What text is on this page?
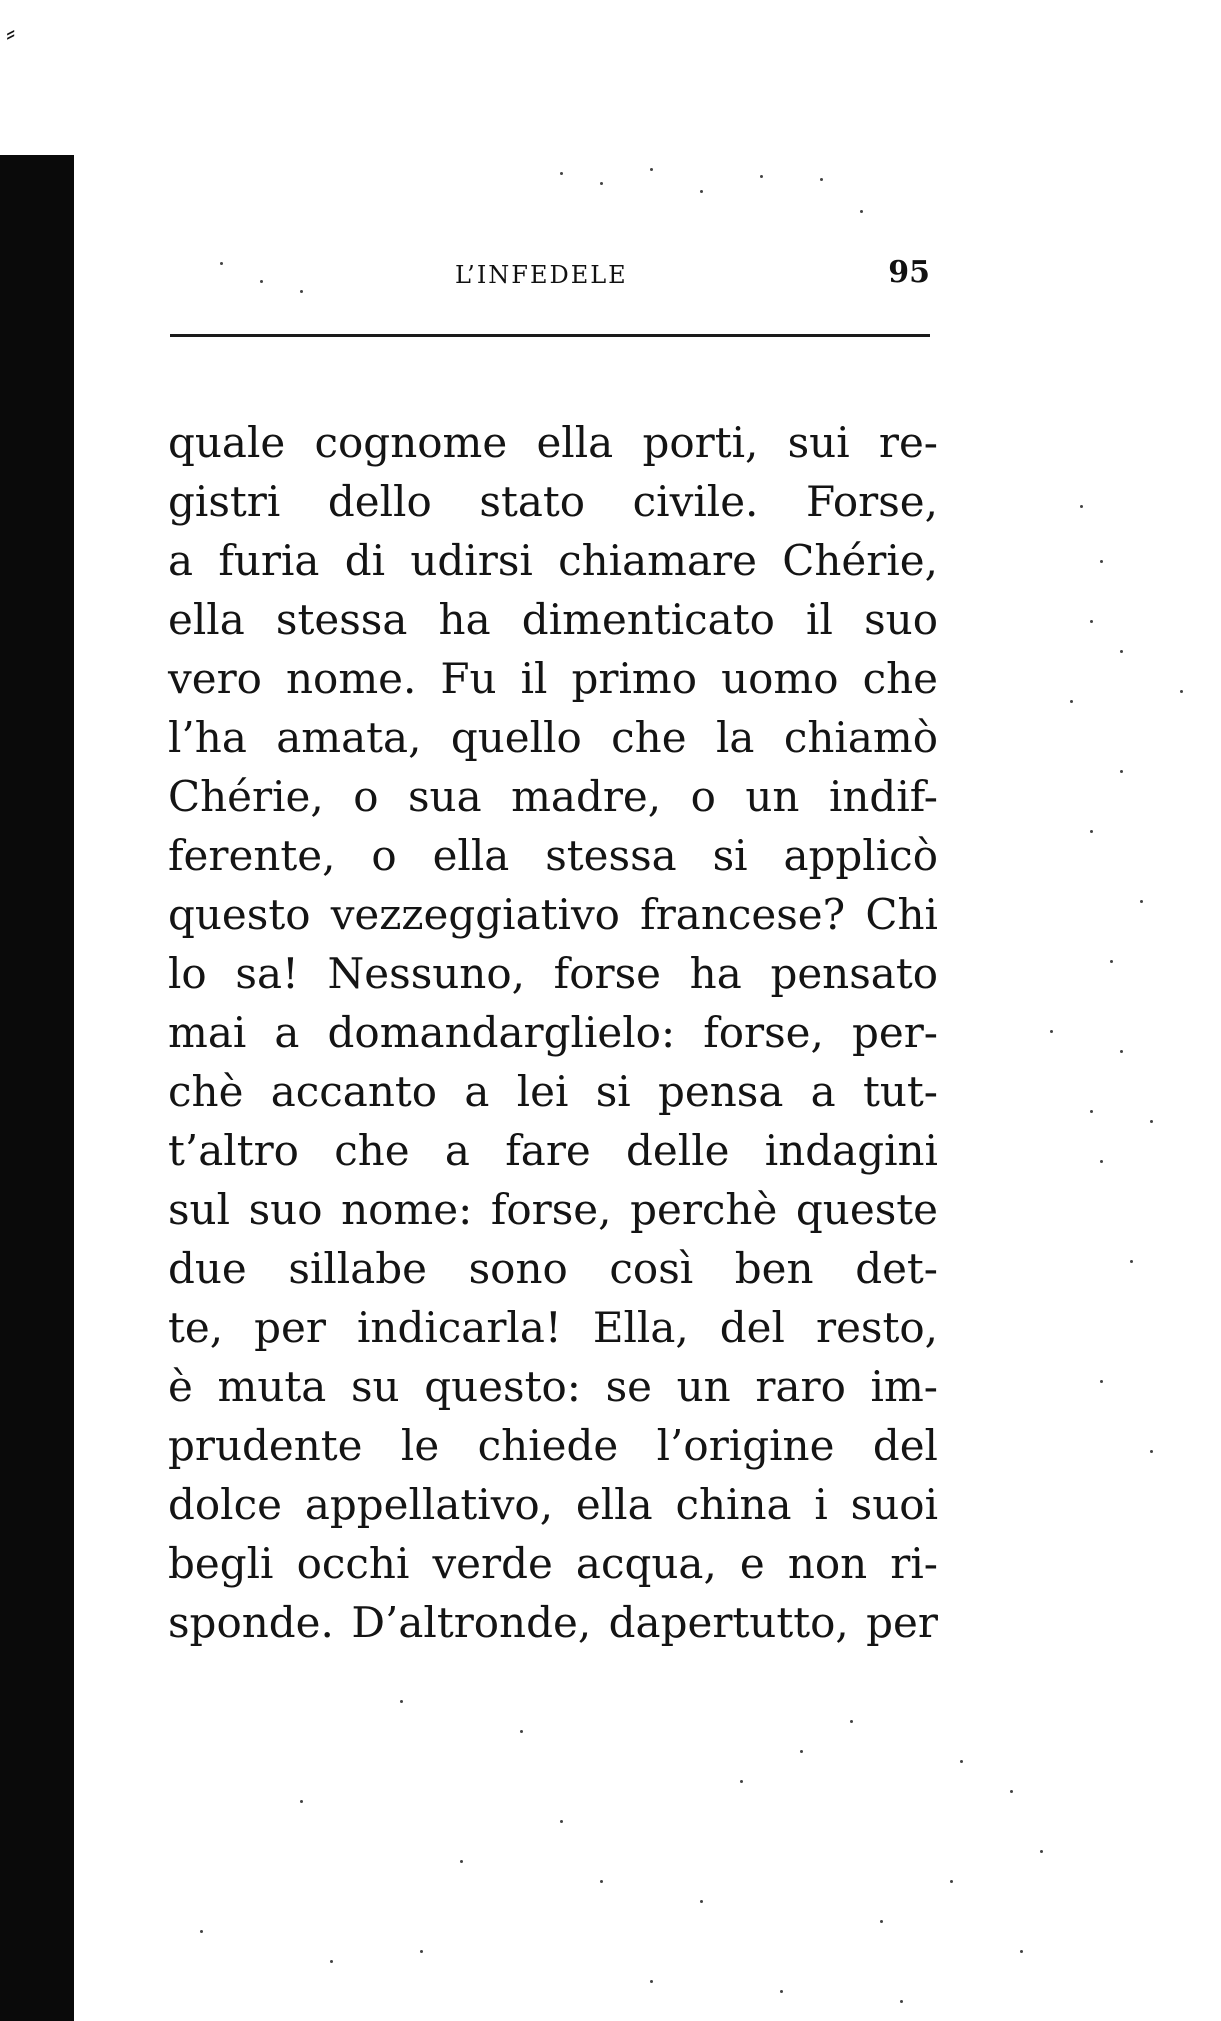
⸗
L’INFEDELE	95
quale cognome ella porti, sui re-
gistri dello stato civile. Forse,
a furia di udirsi chiamare Chérie,
ella stessa ha dimenticato il suo
vero nome. Fu il primo uomo che
l’ha amata, quello che la chiamò
Chérie, o sua madre, o un indif-
ferente, o ella stessa si applicò
questo vezzeggiativo francese? Chi
lo sa! Nessuno, forse ha pensato
mai a domandarglielo: forse, per-
chè accanto a lei si pensa a tut-
t’altro che a fare delle indagini
sul suo nome: forse, perchè queste
due sillabe sono così ben det-
te, per indicarla! Ella, del resto,
è muta su questo: se un raro im-
prudente le chiede l’origine del
dolce appellativo, ella china i suoi
begli occhi verde acqua, e non ri-
sponde. D’altronde, dapertutto, per
